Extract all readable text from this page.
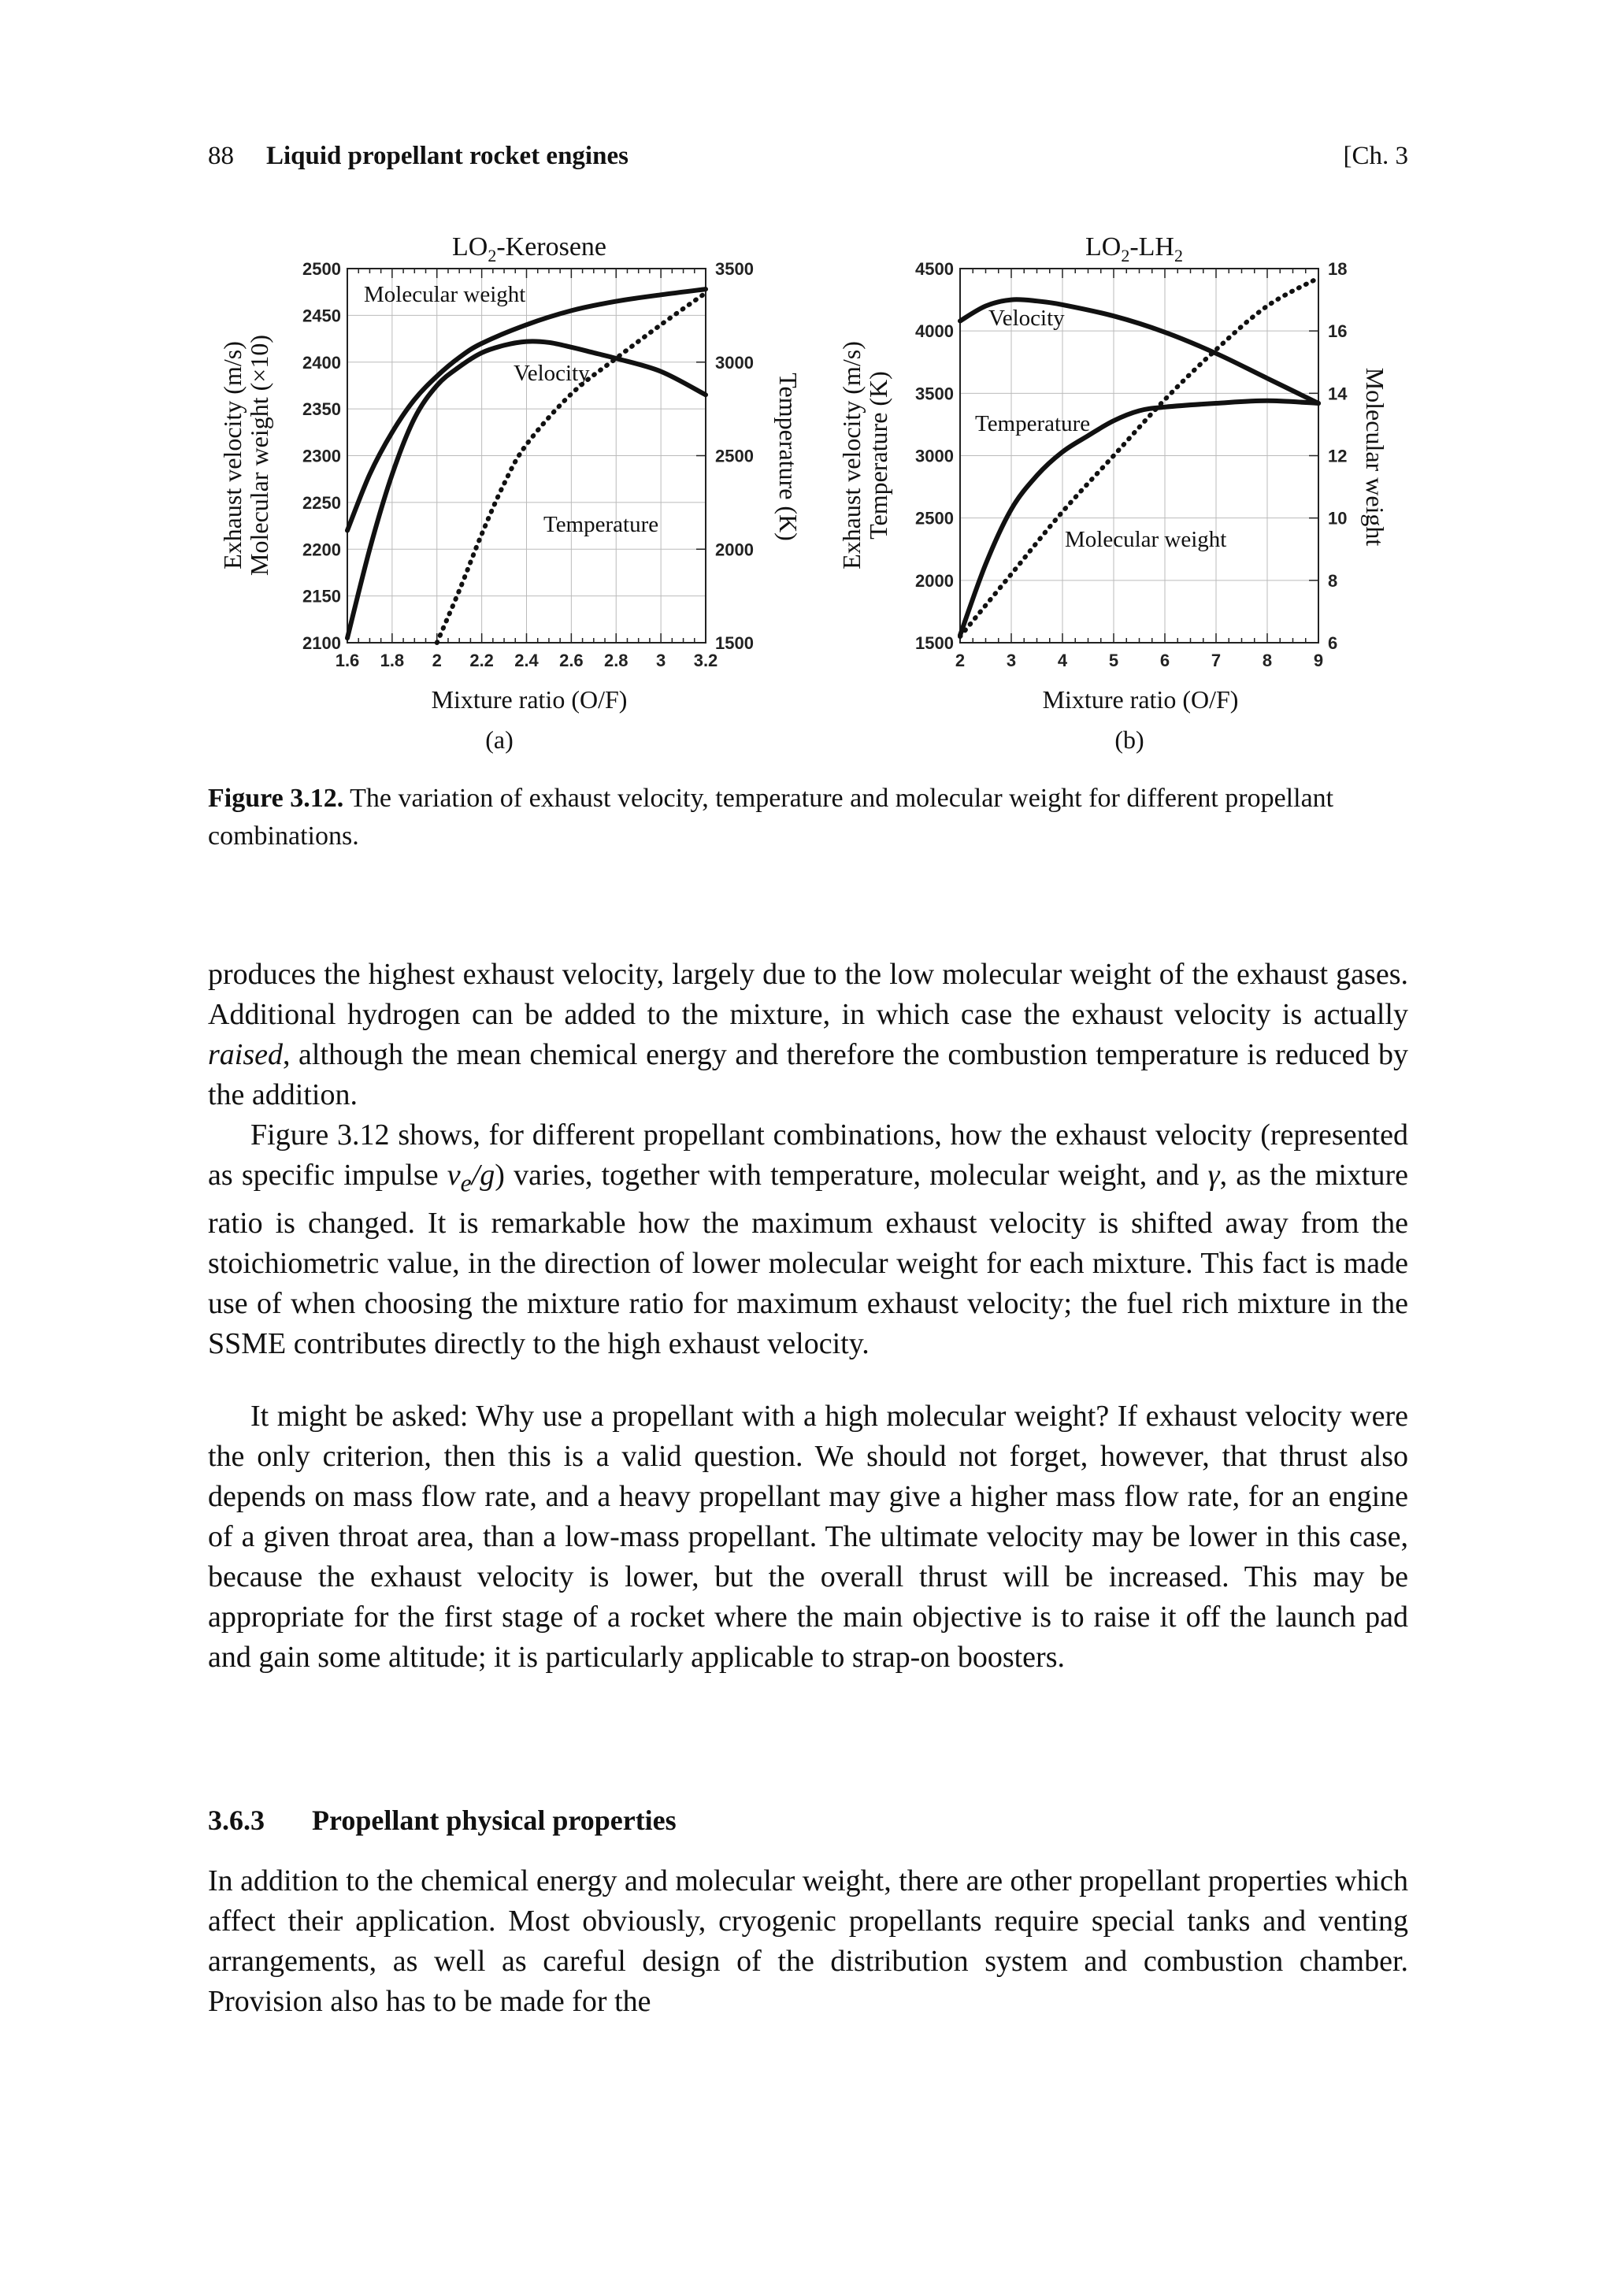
88 Liquid propellant rocket engines	[Ch. 3
$LO_2$-Kerosene
1.6 1.8 2 2.2 2.4 2.6 2.8 3 3.2
2500
2450
2400
2350
2300
2250
2200
2150
2100
3500
3000
2500
2000
1500
Molecular weight
Velocity
Temperature
Mixture ratio (O/F)
(a)
Exhaust velocity (m/s)
Molecular weight (×10)	Temperature (K)
$LO_2-LH_2$
2 3 4 5 6 7 8 9
4500
4000
3500
3000
2500
2000
1500
18
16
14
12
10
8
6
Velocity
Temperature
Molecular weight
Mixture ratio (O/F)
(b)
Exhaust velocity (m/s)
Temperature (K)	Molecular weight
Figure 3.12. The variation of exhaust velocity, temperature and molecular weight for different propellant combinations.

produces the highest exhaust velocity, largely due to the low molecular weight of the exhaust gases. Additional hydrogen can be added to the mixture, in which case the exhaust velocity is actually raised, although the mean chemical energy and therefore the combustion temperature is reduced by the addition.

Figure 3.12 shows, for different propellant combinations, how the exhaust velocity (represented as specific impulse $v_e/g$) varies, together with temperature, molecular weight, and γ, as the mixture ratio is changed. It is remarkable how the maximum exhaust velocity is shifted away from the stoichiometric value, in the direction of lower molecular weight for each mixture. This fact is made use of when choosing the mixture ratio for maximum exhaust velocity; the fuel rich mixture in the SSME contributes directly to the high exhaust velocity.

It might be asked: Why use a propellant with a high molecular weight? If exhaust velocity were the only criterion, then this is a valid question. We should not forget, however, that thrust also depends on mass flow rate, and a heavy propellant may give a higher mass flow rate, for an engine of a given throat area, than a low-mass propellant. The ultimate velocity may be lower in this case, because the exhaust velocity is lower, but the overall thrust will be increased. This may be appropriate for the first stage of a rocket where the main objective is to raise it off the launch pad and gain some altitude; it is particularly applicable to strap-on boosters.

3.6.3 Propellant physical properties

In addition to the chemical energy and molecular weight, there are other propellant properties which affect their application. Most obviously, cryogenic propellants require special tanks and venting arrangements, as well as careful design of the distribution system and combustion chamber. Provision also has to be made for the
